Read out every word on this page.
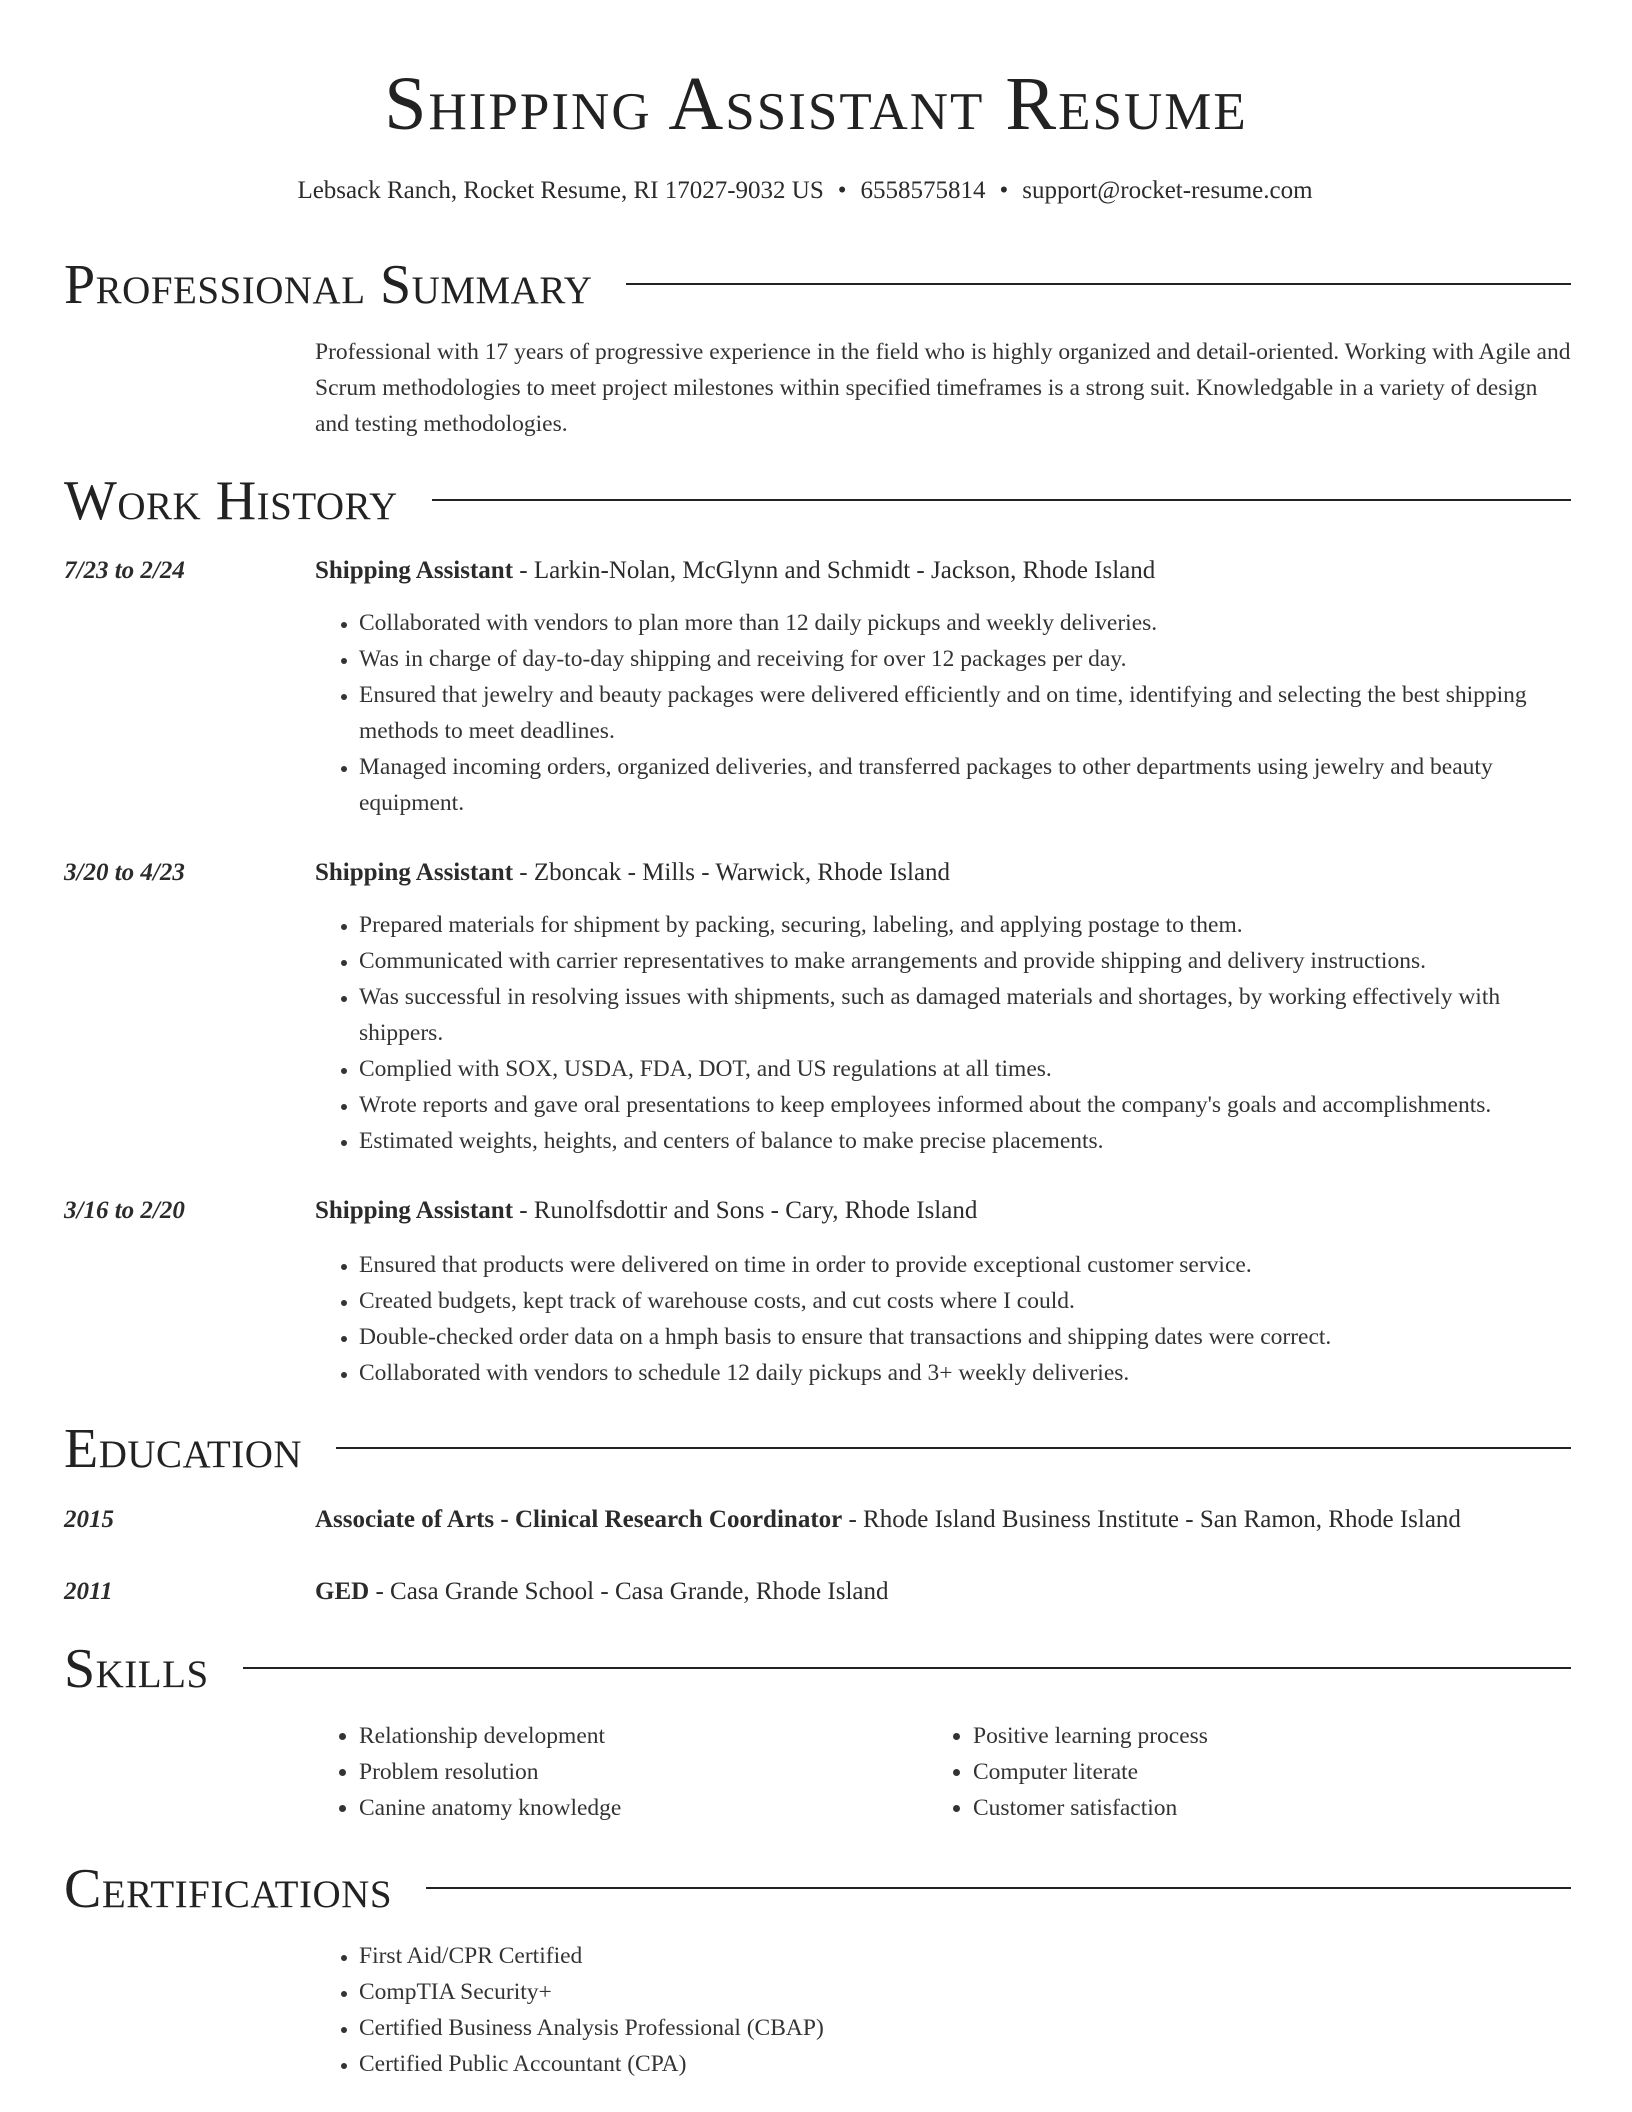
Shipping Assistant Resume
Lebsack Ranch, Rocket Resume, RI 17027-9032 US • 6558575814 • support@rocket-resume.com
Professional Summary
Professional with 17 years of progressive experience in the field who is highly organized and detail-oriented. Working with Agile and Scrum methodologies to meet project milestones within specified timeframes is a strong suit. Knowledgable in a variety of design and testing methodologies.
Work History
7/23 to 2/24	Shipping Assistant - Larkin-Nolan, McGlynn and Schmidt - Jackson, Rhode Island
• Collaborated with vendors to plan more than 12 daily pickups and weekly deliveries.
• Was in charge of day-to-day shipping and receiving for over 12 packages per day.
• Ensured that jewelry and beauty packages were delivered efficiently and on time, identifying and selecting the best shipping methods to meet deadlines.
• Managed incoming orders, organized deliveries, and transferred packages to other departments using jewelry and beauty equipment.
3/20 to 4/23	Shipping Assistant - Zboncak - Mills - Warwick, Rhode Island
• Prepared materials for shipment by packing, securing, labeling, and applying postage to them.
• Communicated with carrier representatives to make arrangements and provide shipping and delivery instructions.
• Was successful in resolving issues with shipments, such as damaged materials and shortages, by working effectively with shippers.
• Complied with SOX, USDA, FDA, DOT, and US regulations at all times.
• Wrote reports and gave oral presentations to keep employees informed about the company's goals and accomplishments.
• Estimated weights, heights, and centers of balance to make precise placements.
3/16 to 2/20	Shipping Assistant - Runolfsdottir and Sons - Cary, Rhode Island
• Ensured that products were delivered on time in order to provide exceptional customer service.
• Created budgets, kept track of warehouse costs, and cut costs where I could.
• Double-checked order data on a hmph basis to ensure that transactions and shipping dates were correct.
• Collaborated with vendors to schedule 12 daily pickups and 3+ weekly deliveries.
Education
2015	Associate of Arts - Clinical Research Coordinator - Rhode Island Business Institute - San Ramon, Rhode Island
2011	GED - Casa Grande School - Casa Grande, Rhode Island
Skills
• Relationship development
• Problem resolution
• Canine anatomy knowledge
• Positive learning process
• Computer literate
• Customer satisfaction
Certifications
• First Aid/CPR Certified
• CompTIA Security+
• Certified Business Analysis Professional (CBAP)
• Certified Public Accountant (CPA)
